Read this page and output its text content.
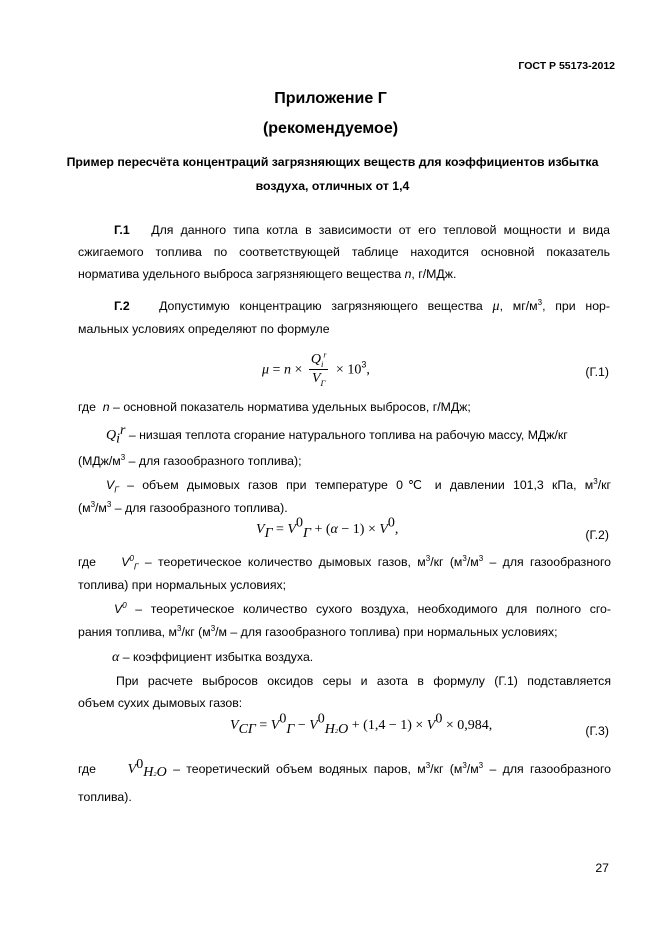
ГОСТ Р 55173-2012
Приложение Г
(рекомендуемое)
Пример пересчёта концентраций загрязняющих веществ для коэффициентов избытка воздуха, отличных от 1,4
Г.1 Для данного типа котла в зависимости от его тепловой мощности и вида сжигаемого топлива по соответствующей таблице находится основной показатель норматива удельного выброса загрязняющего вещества n, г/МДж.
Г.2 Допустимую концентрацию загрязняющего вещества μ, $мг/м^3$, при нор-
мальных условиях определяют по формуле
$\mu = n \times \frac{Q_i^r}{V_Г} \times 10^3$,	(Г.1)
где n – основной показатель норматива удельных выбросов, г/МДж;
$Q_i^r$ – низшая теплота сгорание натурального топлива на рабочую массу, МДж/кг
($МДж/м^3$ – для газообразного топлива);
$V_Г$ – объем дымовых газов при температуре 0℃ и давлении 101,3 кПа, $м^3/кг$
($м^3/м^3$ – для газообразного топлива).
$V_Г = V^0_Г + (\alpha - 1) \times V^0$,	(Г.2)
где $V^0_Г$ – теоретическое количество дымовых газов, $м^3/кг$ ($м^3/м^3$ – для газообразного
топлива) при нормальных условиях;
$V^0$ – теоретическое количество сухого воздуха, необходимого для полного сго-
рания топлива, $м^3/кг$ ($м^3/м$ – для газообразного топлива) при нормальных условиях;
α – коэффициент избытка воздуха.
При расчете выбросов оксидов серы и азота в формулу (Г.1) подставляется
объем сухих дымовых газов:
$V_{СГ} = V^0_Г - V^0_{H2O} + (1,4 - 1) \times V^0 \times 0,984$,	(Г.3)
где $V^0_{H2O}$ – теоретический объем водяных паров, $м^3/кг$ ($м^3/м^3$ – для газообразного
топлива).
27
